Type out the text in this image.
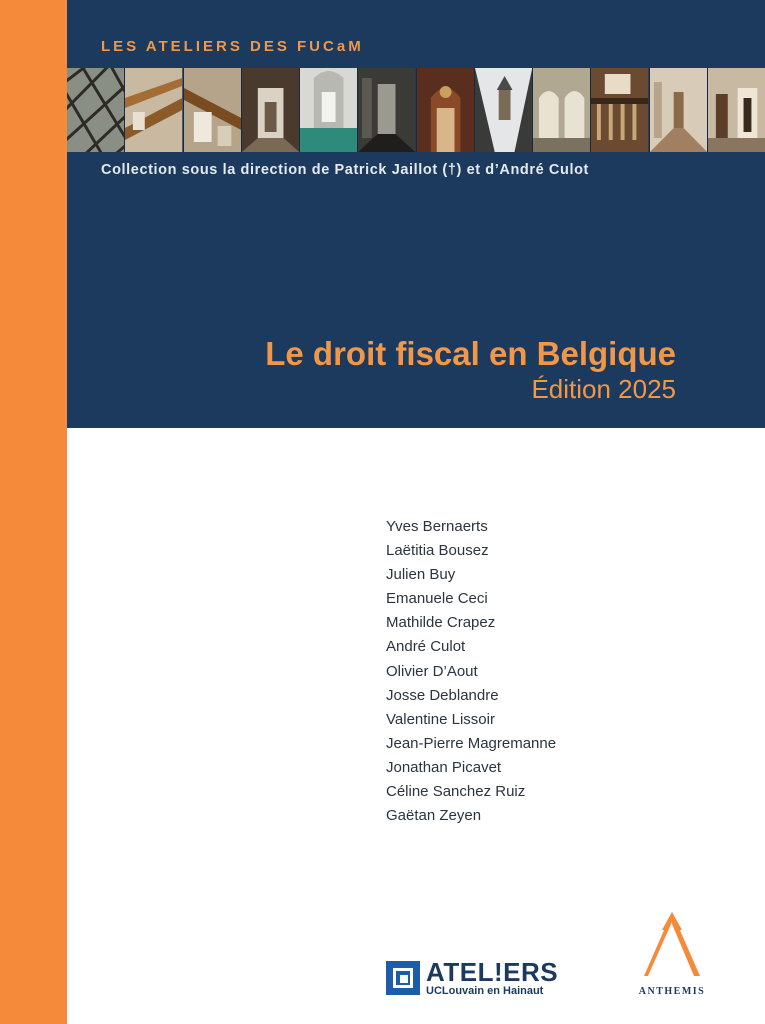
LES ATELIERS DES FUCaM
Collection sous la direction de Patrick Jaillot (†) et d’André Culot
Le droit fiscal en Belgique
Édition 2025
Yves Bernaerts
Laëtitia Bousez
Julien Buy
Emanuele Ceci
Mathilde Crapez
André Culot
Olivier D’Aout
Josse Deblandre
Valentine Lissoir
Jean-Pierre Magremanne
Jonathan Picavet
Céline Sanchez Ruiz
Gaëtan Zeyen
ATEL!ERS
UCLouvain en Hainaut	ANTHEMIS
